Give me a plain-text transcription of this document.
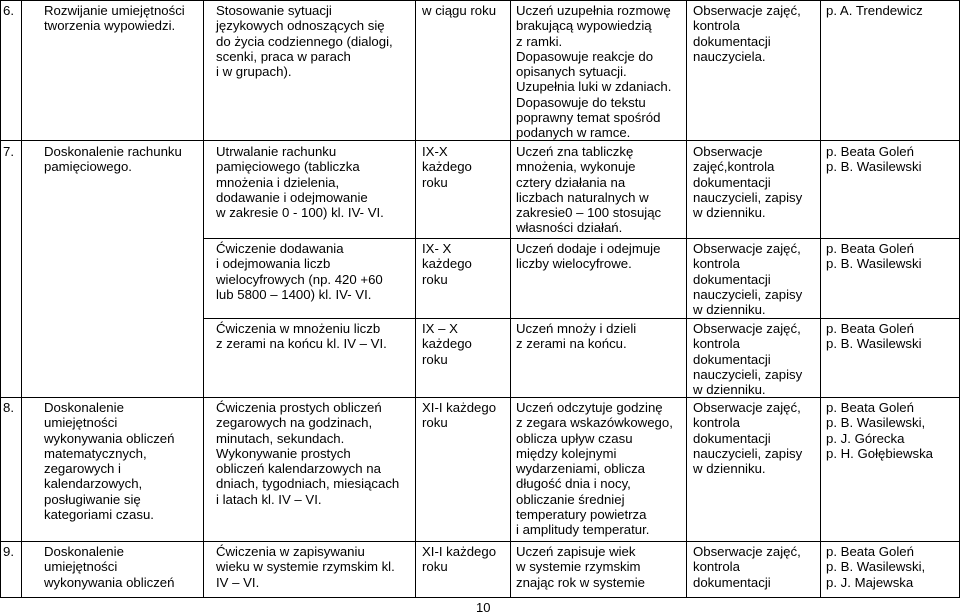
6. Rozwijanie umiejętności
tworzenia wypowiedzi.
Stosowanie sytuacji
językowych odnoszących się
do życia codziennego (dialogi,
scenki, praca w parach
i w grupach).
w ciągu roku Uczeń uzupełnia rozmowę
brakującą wypowiedzią
z ramki.
Dopasowuje reakcje do
opisanych sytuacji.
Uzupełnia luki w zdaniach.
Dopasowuje do tekstu
poprawny temat spośród
podanych w ramce.
Obserwacje zajęć,
kontrola
dokumentacji
nauczyciela.
p. A. Trendewicz
7. Doskonalenie rachunku
pamięciowego.
Utrwalanie rachunku
pamięciowego (tabliczka
mnożenia i dzielenia,
dodawanie i odejmowanie
w zakresie 0 - 100) kl. IV- VI.
IX-X
każdego
roku
Uczeń zna tabliczkę
mnożenia, wykonuje
cztery działania na
liczbach naturalnych w
zakresie0 – 100 stosując
własności działań.
Obserwacje
zajęć,kontrola
dokumentacji
nauczycieli, zapisy
w dzienniku.
p. Beata Goleń
p. B. Wasilewski
Ćwiczenie dodawania
i odejmowania liczb
wielocyfrowych (np. 420 +60
lub 5800 – 1400) kl. IV- VI.
IX- X
każdego
roku
Uczeń dodaje i odejmuje
liczby wielocyfrowe.
Obserwacje zajęć,
kontrola
dokumentacji
nauczycieli, zapisy
w dzienniku.
p. Beata Goleń
p. B. Wasilewski
Ćwiczenia w mnożeniu liczb
z zerami na końcu kl. IV – VI.
IX – X
każdego
roku
Uczeń mnoży i dzieli
z zerami na końcu.
Obserwacje zajęć,
kontrola
dokumentacji
nauczycieli, zapisy
w dzienniku.
p. Beata Goleń
p. B. Wasilewski
8. Doskonalenie
umiejętności
wykonywania obliczeń
matematycznych,
zegarowych i
kalendarzowych,
posługiwanie się
kategoriami czasu.
Ćwiczenia prostych obliczeń
zegarowych na godzinach,
minutach, sekundach.
Wykonywanie prostych
obliczeń kalendarzowych na
dniach, tygodniach, miesiącach
i latach kl. IV – VI.
XI-I każdego
roku
Uczeń odczytuje godzinę
z zegara wskazówkowego,
oblicza upływ czasu
między kolejnymi
wydarzeniami, oblicza
długość dnia i nocy,
obliczanie średniej
temperatury powietrza
i amplitudy temperatur.
Obserwacje zajęć,
kontrola
dokumentacji
nauczycieli, zapisy
w dzienniku.
p. Beata Goleń
p. B. Wasilewski,
p. J. Górecka
p. H. Gołębiewska
9. Doskonalenie
umiejętności
wykonywania obliczeń
Ćwiczenia w zapisywaniu
wieku w systemie rzymskim kl.
IV – VI.
XI-I każdego
roku
Uczeń zapisuje wiek
w systemie rzymskim
znając rok w systemie
Obserwacje zajęć,
kontrola
dokumentacji
p. Beata Goleń
p. B. Wasilewski,
p. J. Majewska
10
